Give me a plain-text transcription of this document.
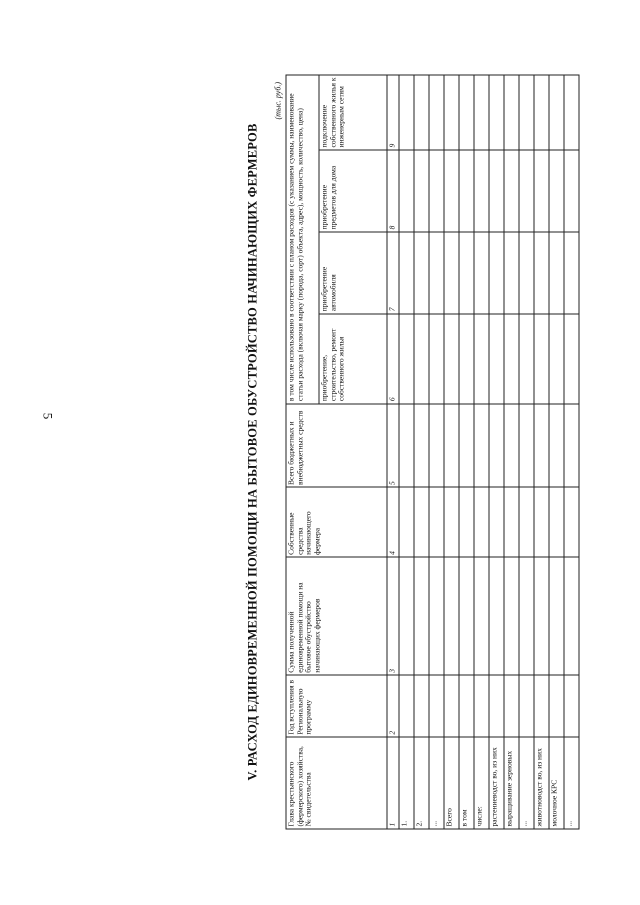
5	V. РАСХОД ЕДИНОВРЕМЕННОЙ ПОМОЩИ НА БЫТОВОЕ ОБУСТРОЙСТВО НАЧИНАЮЩИХ ФЕРМЕРОВ
(тыс. руб.)
Глава крестьянского (фермерского) хозяйства, № свидетельства	Год вступления в Региональную программу	Сумма полученной единовременной помощи на бытовое обустройство начинающих фермеров	Собственные средства начинающего фермера	Всего бюджетных и внебюджетных средств	в том числе использовано в соответствии с планом расходов (с указанием суммы, наименование статьи расхода (включая марку (порода, сорт) объекта, адрес), мощность, количество, цена)			
					приобретение, строительство, ремонт собственного жилья	приобретение автомобиля	приобретение предметов для дома	подключение собственного жилья к инженерным сетям
1	2	3	4	5	6	7	8	9
1.								
2.								
...								
Всего								
в том								
числе:								
растениеводст во, из них								
выращивание зерновых								
...								
животноводст во, из них								
молочное КРС								
...								
